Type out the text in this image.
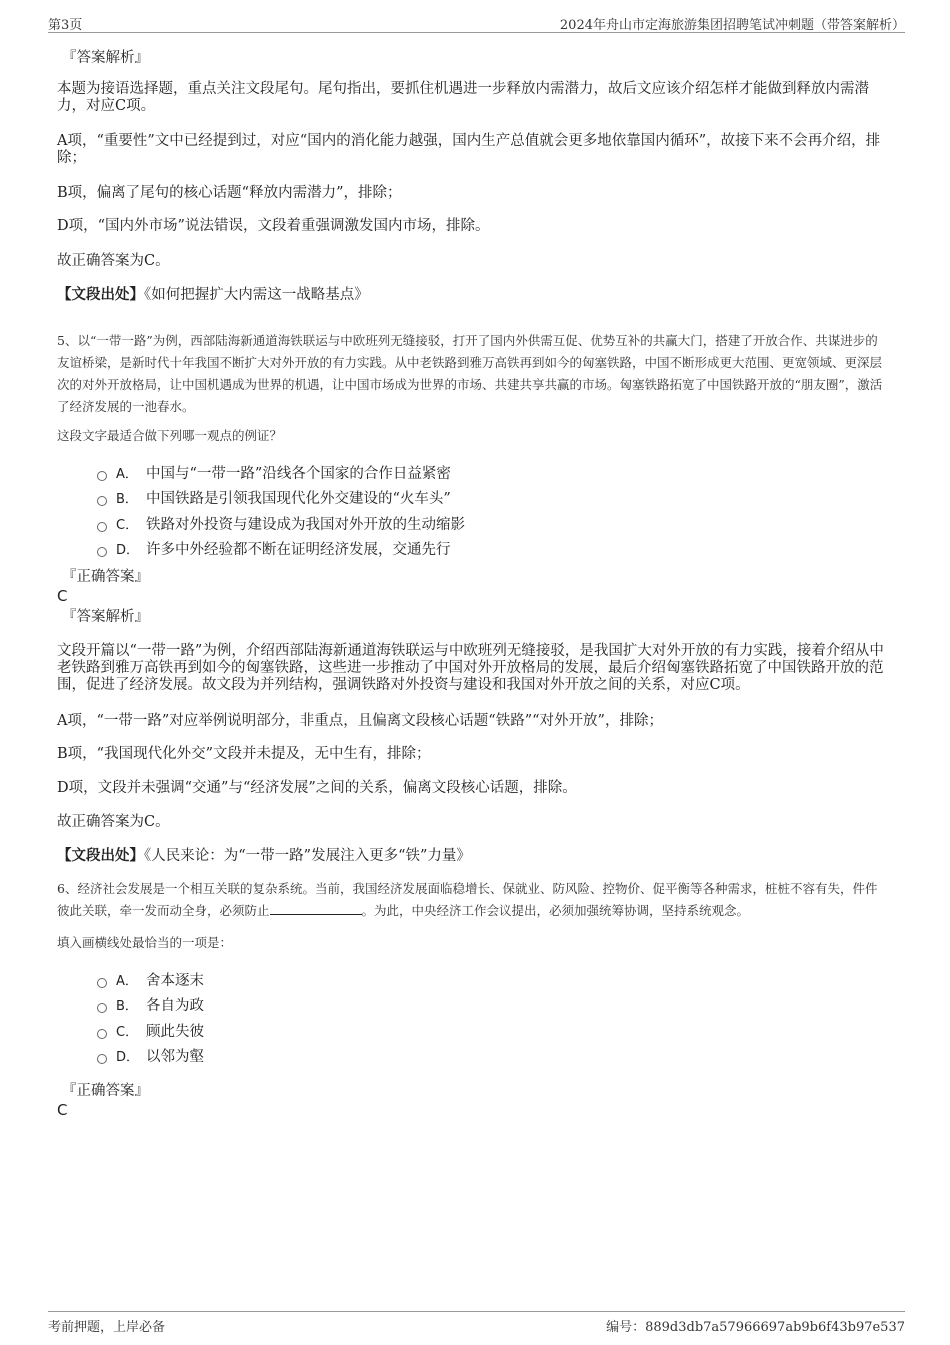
第3页	2024年舟山市定海旅游集团招聘笔试冲刺题（带答案解析）
『答案解析』
本题为接语选择题，重点关注文段尾句。尾句指出，要抓住机遇进一步释放内需潜力，故后文应该介绍怎样才能做到释放内需潜力，对应C项。
A项，“重要性”文中已经提到过，对应“国内的消化能力越强，国内生产总值就会更多地依靠国内循环”，故接下来不会再介绍，排除；
B项，偏离了尾句的核心话题“释放内需潜力”，排除；
D项，“国内外市场”说法错误，文段着重强调激发国内市场，排除。
故正确答案为C。
【文段出处】《如何把握扩大内需这一战略基点》
5、以“一带一路”为例，西部陆海新通道海铁联运与中欧班列无缝接驳，打开了国内外供需互促、优势互补的共赢大门，搭建了开放合作、共谋进步的友谊桥梁，是新时代十年我国不断扩大对外开放的有力实践。从中老铁路到雅万高铁再到如今的匈塞铁路，中国不断形成更大范围、更宽领域、更深层次的对外开放格局，让中国机遇成为世界的机遇，让中国市场成为世界的市场、共建共享共赢的市场。匈塞铁路拓宽了中国铁路开放的“朋友圈”，激活了经济发展的一池春水。
这段文字最适合做下列哪一观点的例证？
A． 中国与“一带一路”沿线各个国家的合作日益紧密
B． 中国铁路是引领我国现代化外交建设的“火车头”
C． 铁路对外投资与建设成为我国对外开放的生动缩影
D． 许多中外经验都不断在证明经济发展，交通先行
『正确答案』
C
『答案解析』
文段开篇以“一带一路”为例，介绍西部陆海新通道海铁联运与中欧班列无缝接驳，是我国扩大对外开放的有力实践，接着介绍从中老铁路到雅万高铁再到如今的匈塞铁路，这些进一步推动了中国对外开放格局的发展，最后介绍匈塞铁路拓宽了中国铁路开放的范围，促进了经济发展。故文段为并列结构，强调铁路对外投资与建设和我国对外开放之间的关系，对应C项。
A项，“一带一路”对应举例说明部分，非重点，且偏离文段核心话题“铁路”“对外开放”，排除；
B项，“我国现代化外交”文段并未提及，无中生有，排除；
D项，文段并未强调“交通”与“经济发展”之间的关系，偏离文段核心话题，排除。
故正确答案为C。
【文段出处】《人民来论：为“一带一路”发展注入更多“铁”力量》
6、经济社会发展是一个相互关联的复杂系统。当前，我国经济发展面临稳增长、保就业、防风险、控物价、促平衡等各种需求，桩桩不容有失，件件彼此关联，牵一发而动全身，必须防止	。为此，中央经济工作会议提出，必须加强统筹协调，坚持系统观念。
填入画横线处最恰当的一项是：
A． 舍本逐末
B． 各自为政
C． 顾此失彼
D． 以邻为壑
『正确答案』
C
考前押题，上岸必备	编号：889d3db7a57966697ab9b6f43b97e537
